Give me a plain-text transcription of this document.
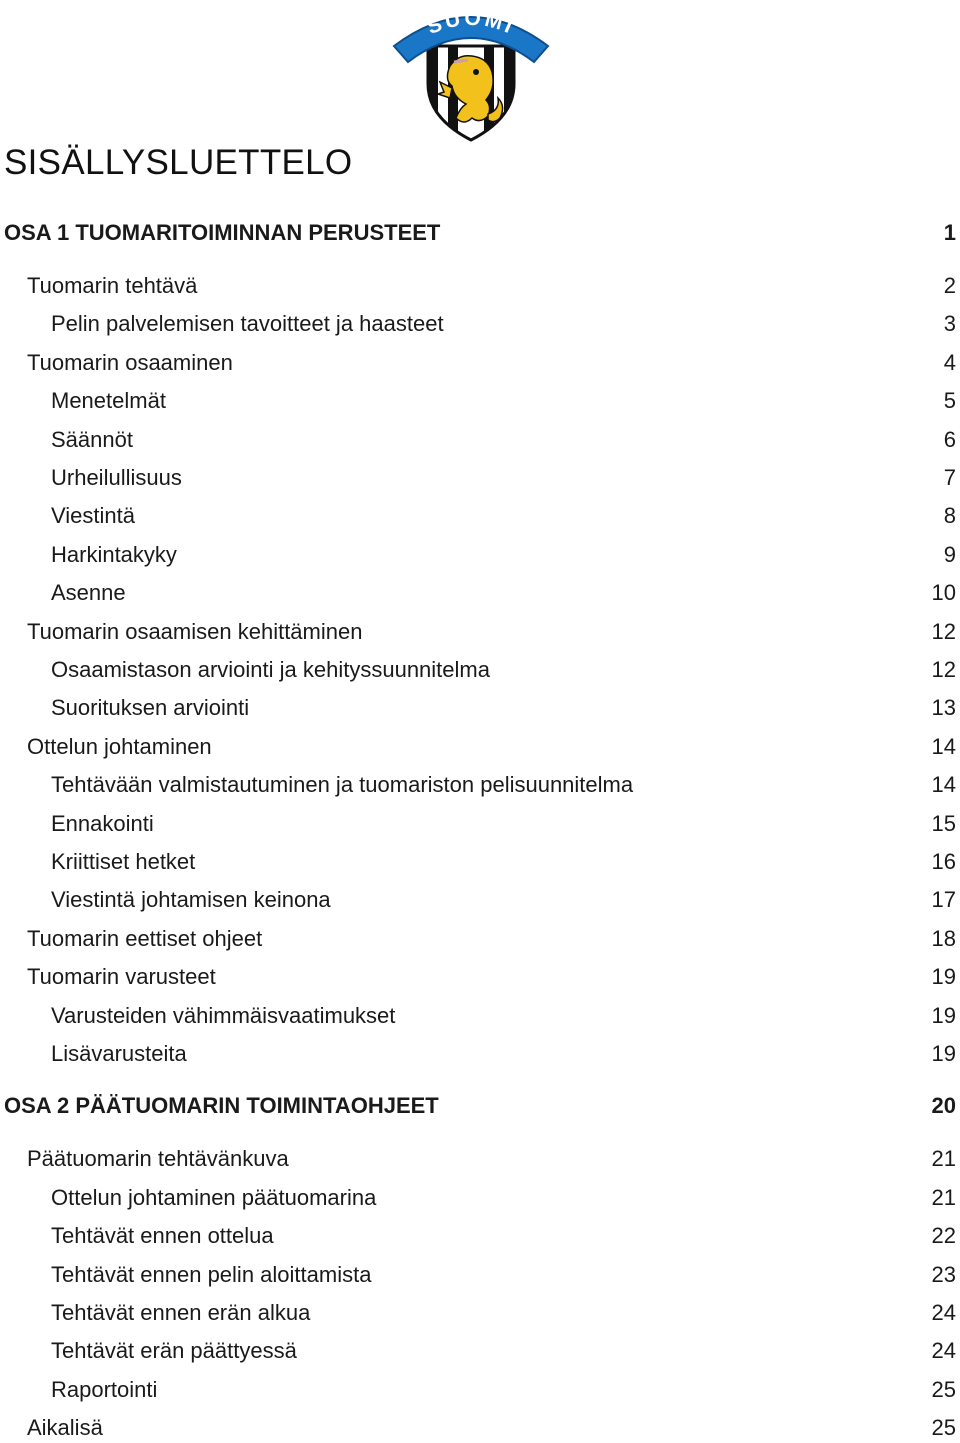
SUOMI
SISÄLLYSLUETTELO
OSA 1 TUOMARITOIMINNAN PERUSTEET	1
Tuomarin tehtävä	2
Pelin palvelemisen tavoitteet ja haasteet	3
Tuomarin osaaminen	4
Menetelmät	5
Säännöt	6
Urheilullisuus	7
Viestintä	8
Harkintakyky	9
Asenne	10
Tuomarin osaamisen kehittäminen	12
Osaamistason arviointi ja kehityssuunnitelma	12
Suorituksen arviointi	13
Ottelun johtaminen	14
Tehtävään valmistautuminen ja tuomariston pelisuunnitelma	14
Ennakointi	15
Kriittiset hetket	16
Viestintä johtamisen keinona	17
Tuomarin eettiset ohjeet	18
Tuomarin varusteet	19
Varusteiden vähimmäisvaatimukset	19
Lisävarusteita	19
OSA 2 PÄÄTUOMARIN TOIMINTAOHJEET	20
Päätuomarin tehtävänkuva	21
Ottelun johtaminen päätuomarina	21
Tehtävät ennen ottelua	22
Tehtävät ennen pelin aloittamista	23
Tehtävät ennen erän alkua	24
Tehtävät erän päättyessä	24
Raportointi	25
Aikalisä	25
